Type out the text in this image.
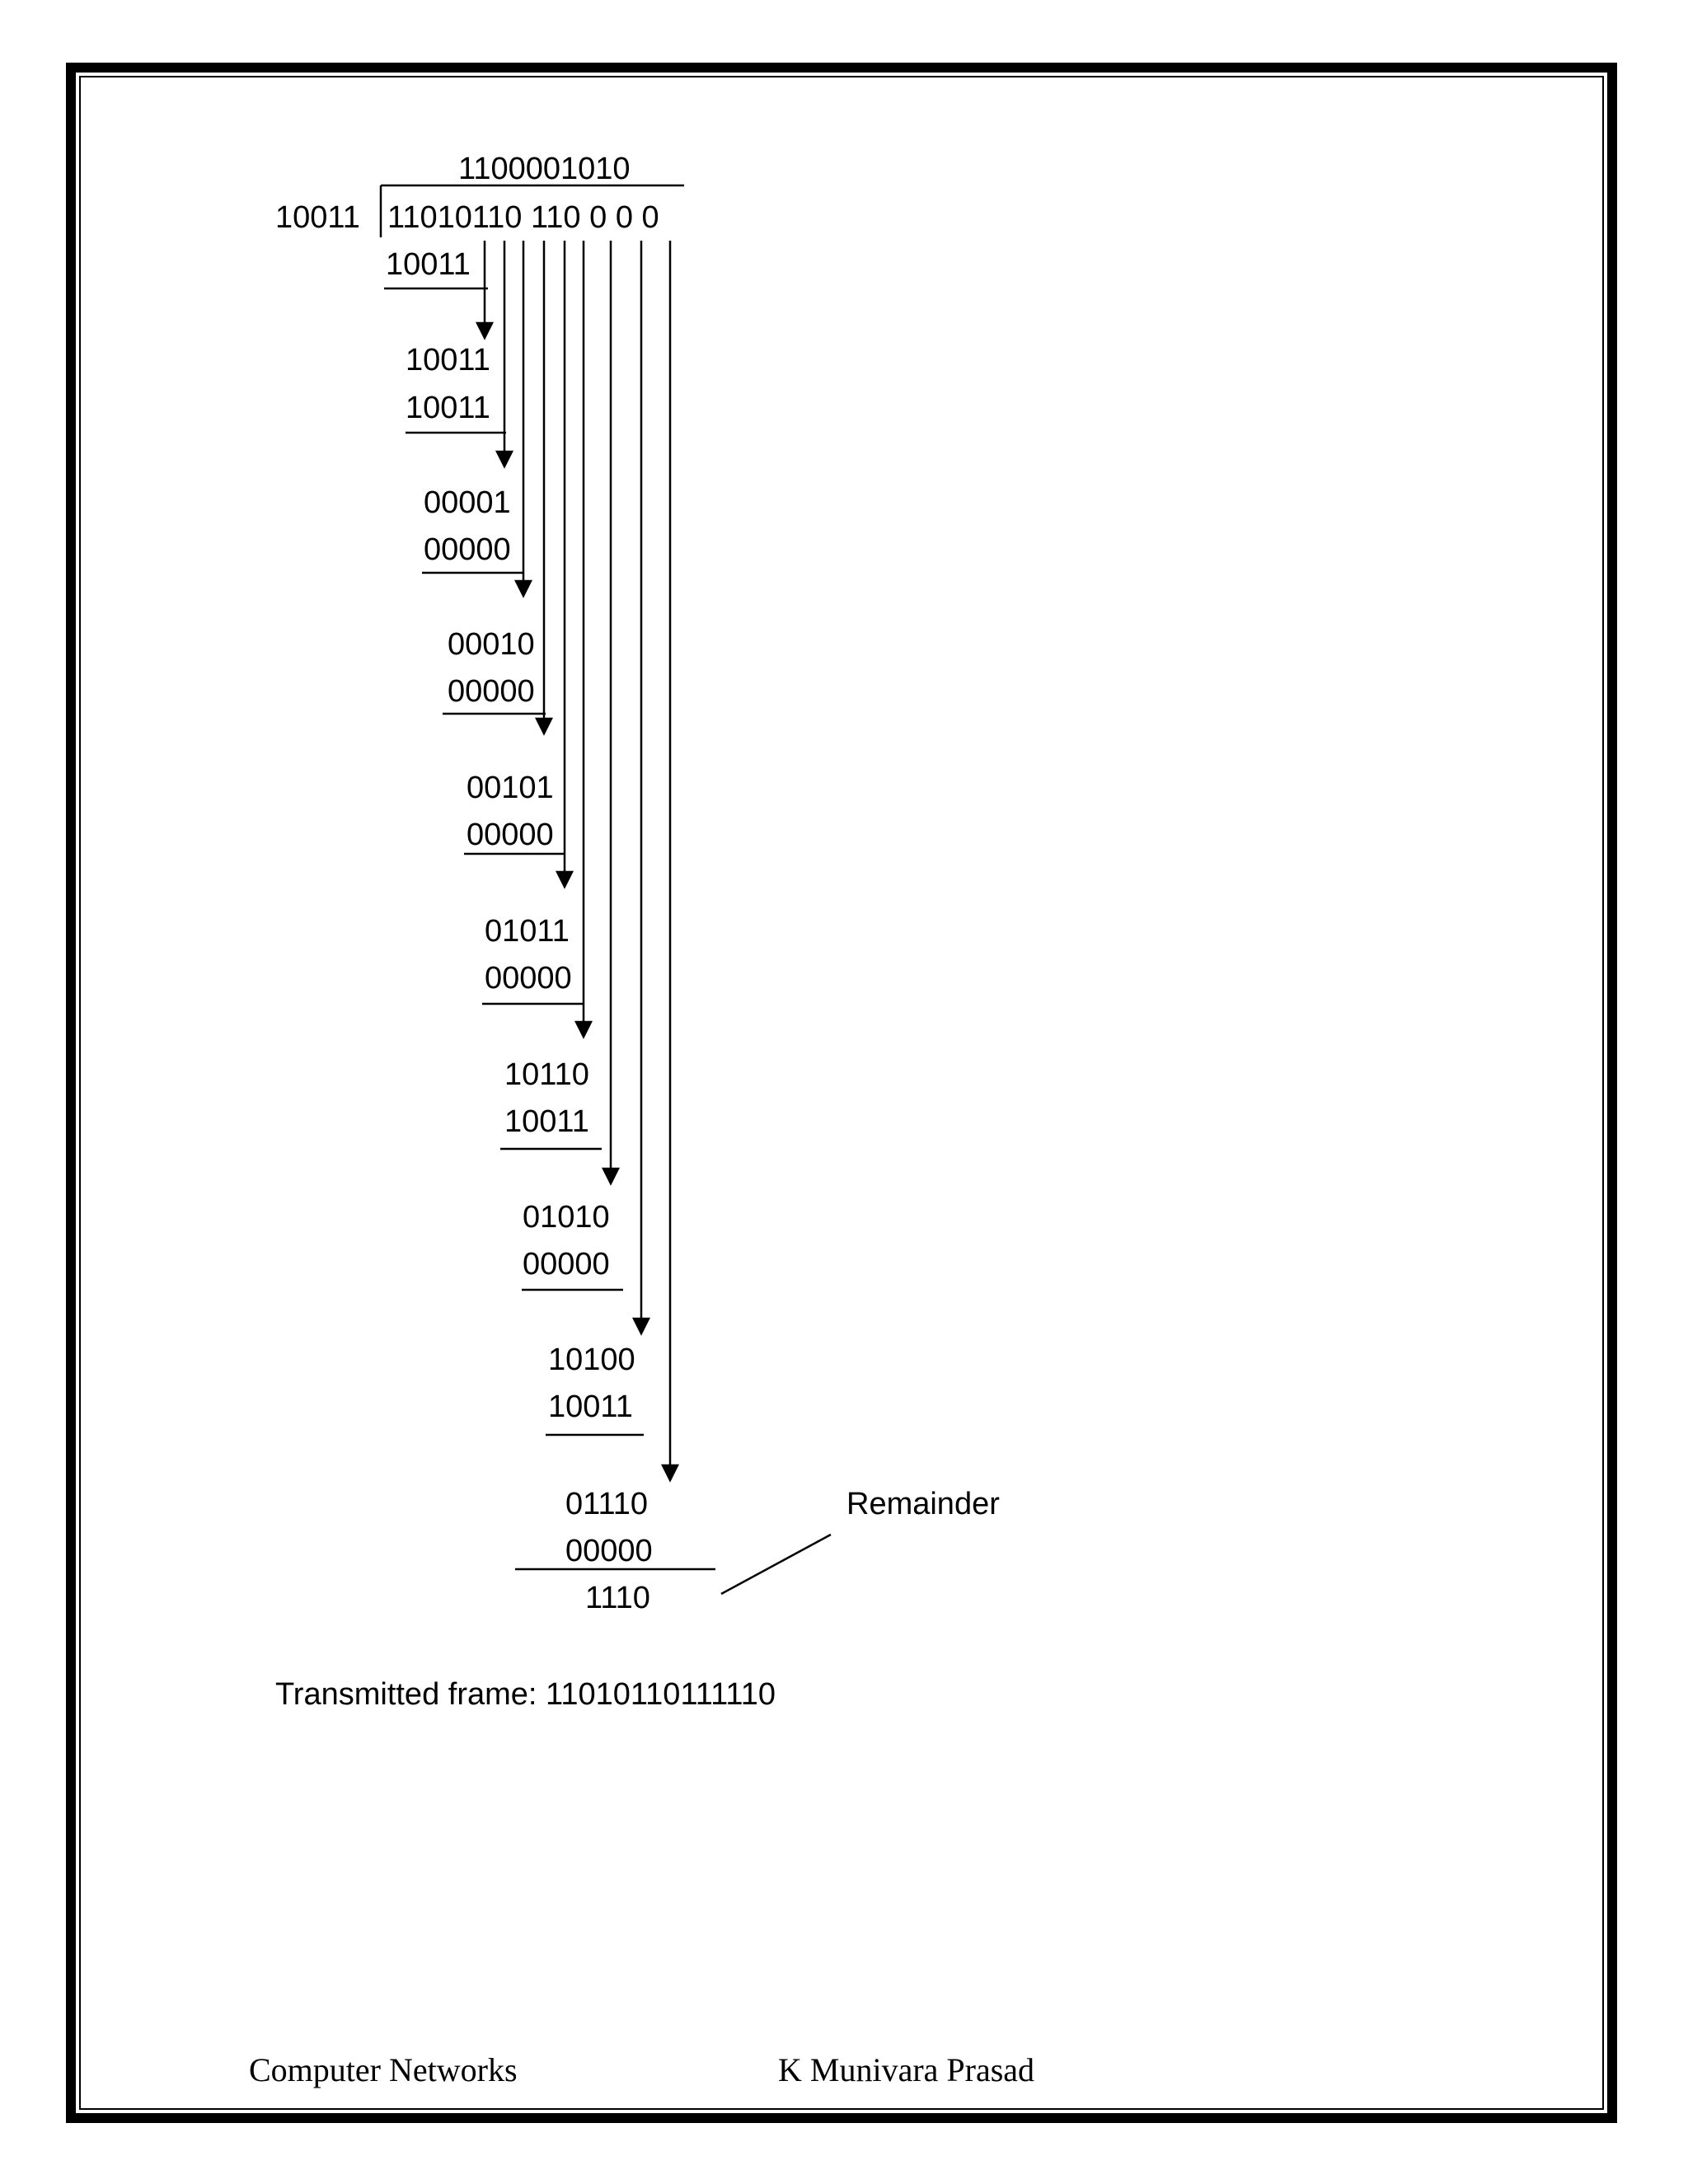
1100001010
10011 11010110 110 0 0 0
10011
10011
10011
00001
00000
00010
00000
00101
00000
01011
00000
10110
10011
01010
00000
10100
10011
01110
00000
1110
Remainder
Transmitted frame: 11010110111110
Computer Networks	K Munivara Prasad
